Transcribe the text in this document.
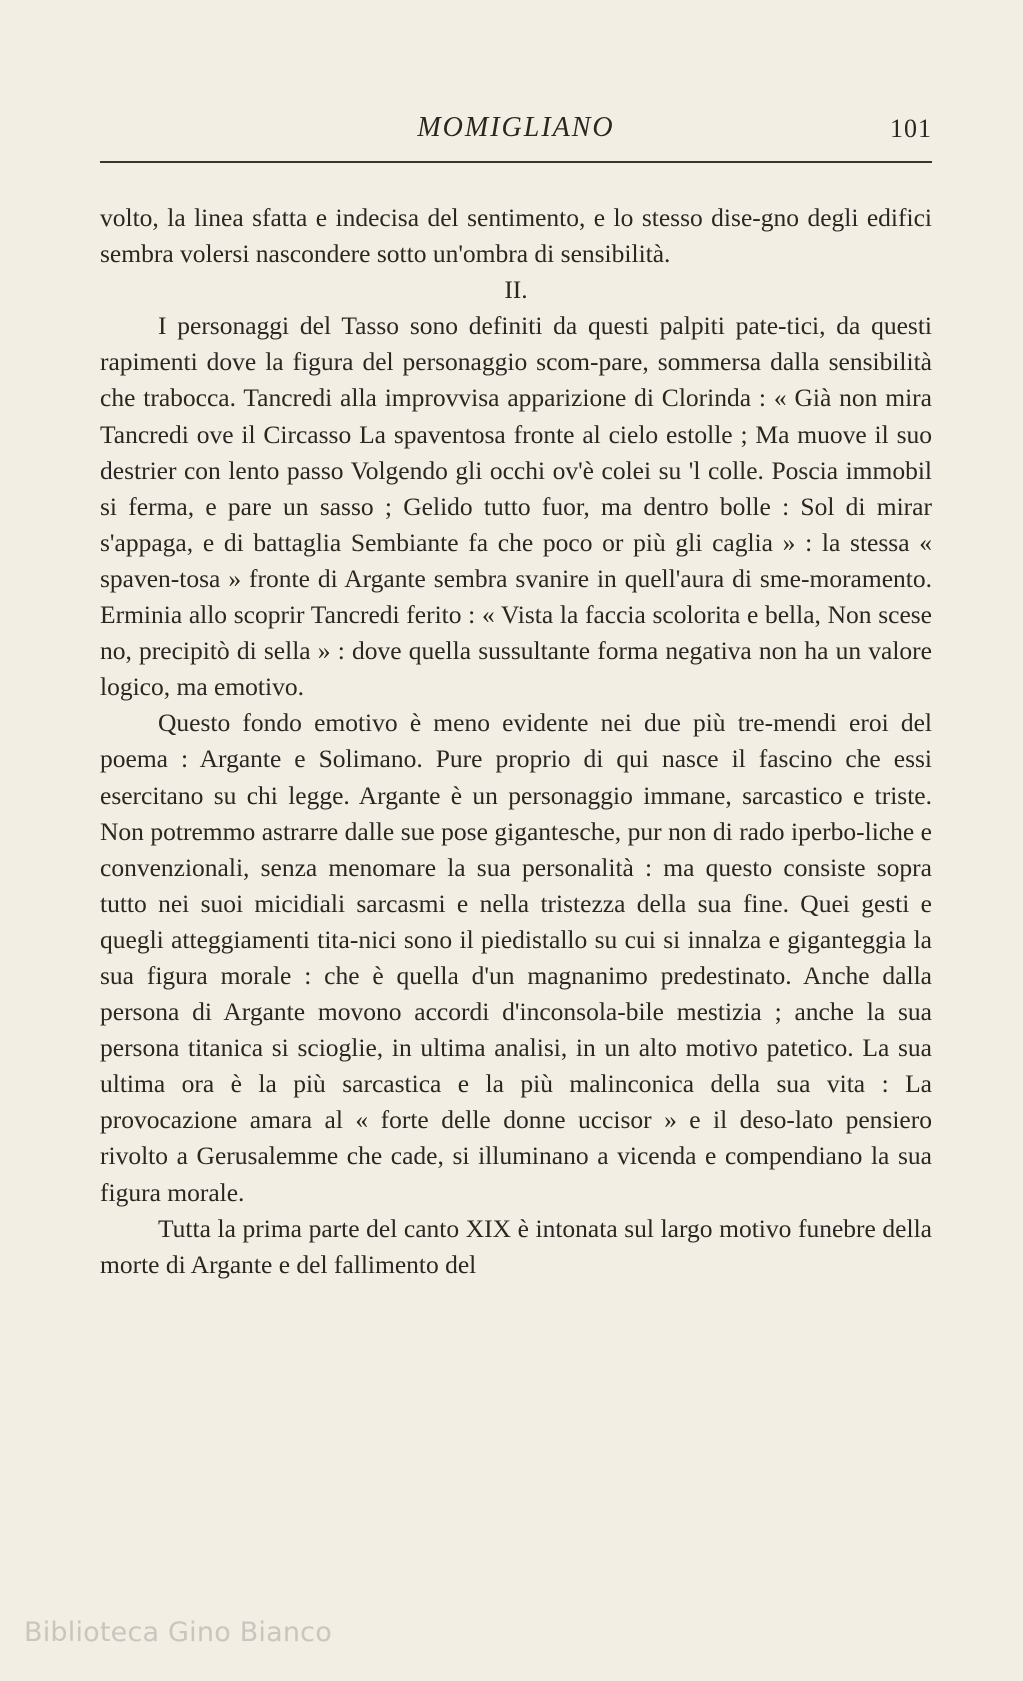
MOMIGLIANO	101

volto, la linea sfatta e indecisa del sentimento, e lo stesso dise-gno degli edifici sembra volersi nascondere sotto un'ombra di sensibilità.

II.

I personaggi del Tasso sono definiti da questi palpiti pate-tici, da questi rapimenti dove la figura del personaggio scom-pare, sommersa dalla sensibilità che trabocca. Tancredi alla improvvisa apparizione di Clorinda : « Già non mira Tancredi ove il Circasso La spaventosa fronte al cielo estolle ; Ma muove il suo destrier con lento passo Volgendo gli occhi ov'è colei su 'l colle. Poscia immobil si ferma, e pare un sasso ; Gelido tutto fuor, ma dentro bolle : Sol di mirar s'appaga, e di battaglia Sembiante fa che poco or più gli caglia » : la stessa « spaven-tosa » fronte di Argante sembra svanire in quell'aura di sme-moramento. Erminia allo scoprir Tancredi ferito : « Vista la faccia scolorita e bella, Non scese no, precipitò di sella » : dove quella sussultante forma negativa non ha un valore logico, ma emotivo.

Questo fondo emotivo è meno evidente nei due più tre-mendi eroi del poema : Argante e Solimano. Pure proprio di qui nasce il fascino che essi esercitano su chi legge. Argante è un personaggio immane, sarcastico e triste. Non potremmo astrarre dalle sue pose gigantesche, pur non di rado iperbo-liche e convenzionali, senza menomare la sua personalità : ma questo consiste sopra tutto nei suoi micidiali sarcasmi e nella tristezza della sua fine. Quei gesti e quegli atteggiamenti tita-nici sono il piedistallo su cui si innalza e giganteggia la sua figura morale : che è quella d'un magnanimo predestinato. Anche dalla persona di Argante movono accordi d'inconsola-bile mestizia ; anche la sua persona titanica si scioglie, in ultima analisi, in un alto motivo patetico. La sua ultima ora è la più sarcastica e la più malinconica della sua vita : La provocazione amara al « forte delle donne uccisor » e il deso-lato pensiero rivolto a Gerusalemme che cade, si illuminano a vicenda e compendiano la sua figura morale.

Tutta la prima parte del canto XIX è intonata sul largo motivo funebre della morte di Argante e del fallimento del

Biblioteca Gino Bianco
